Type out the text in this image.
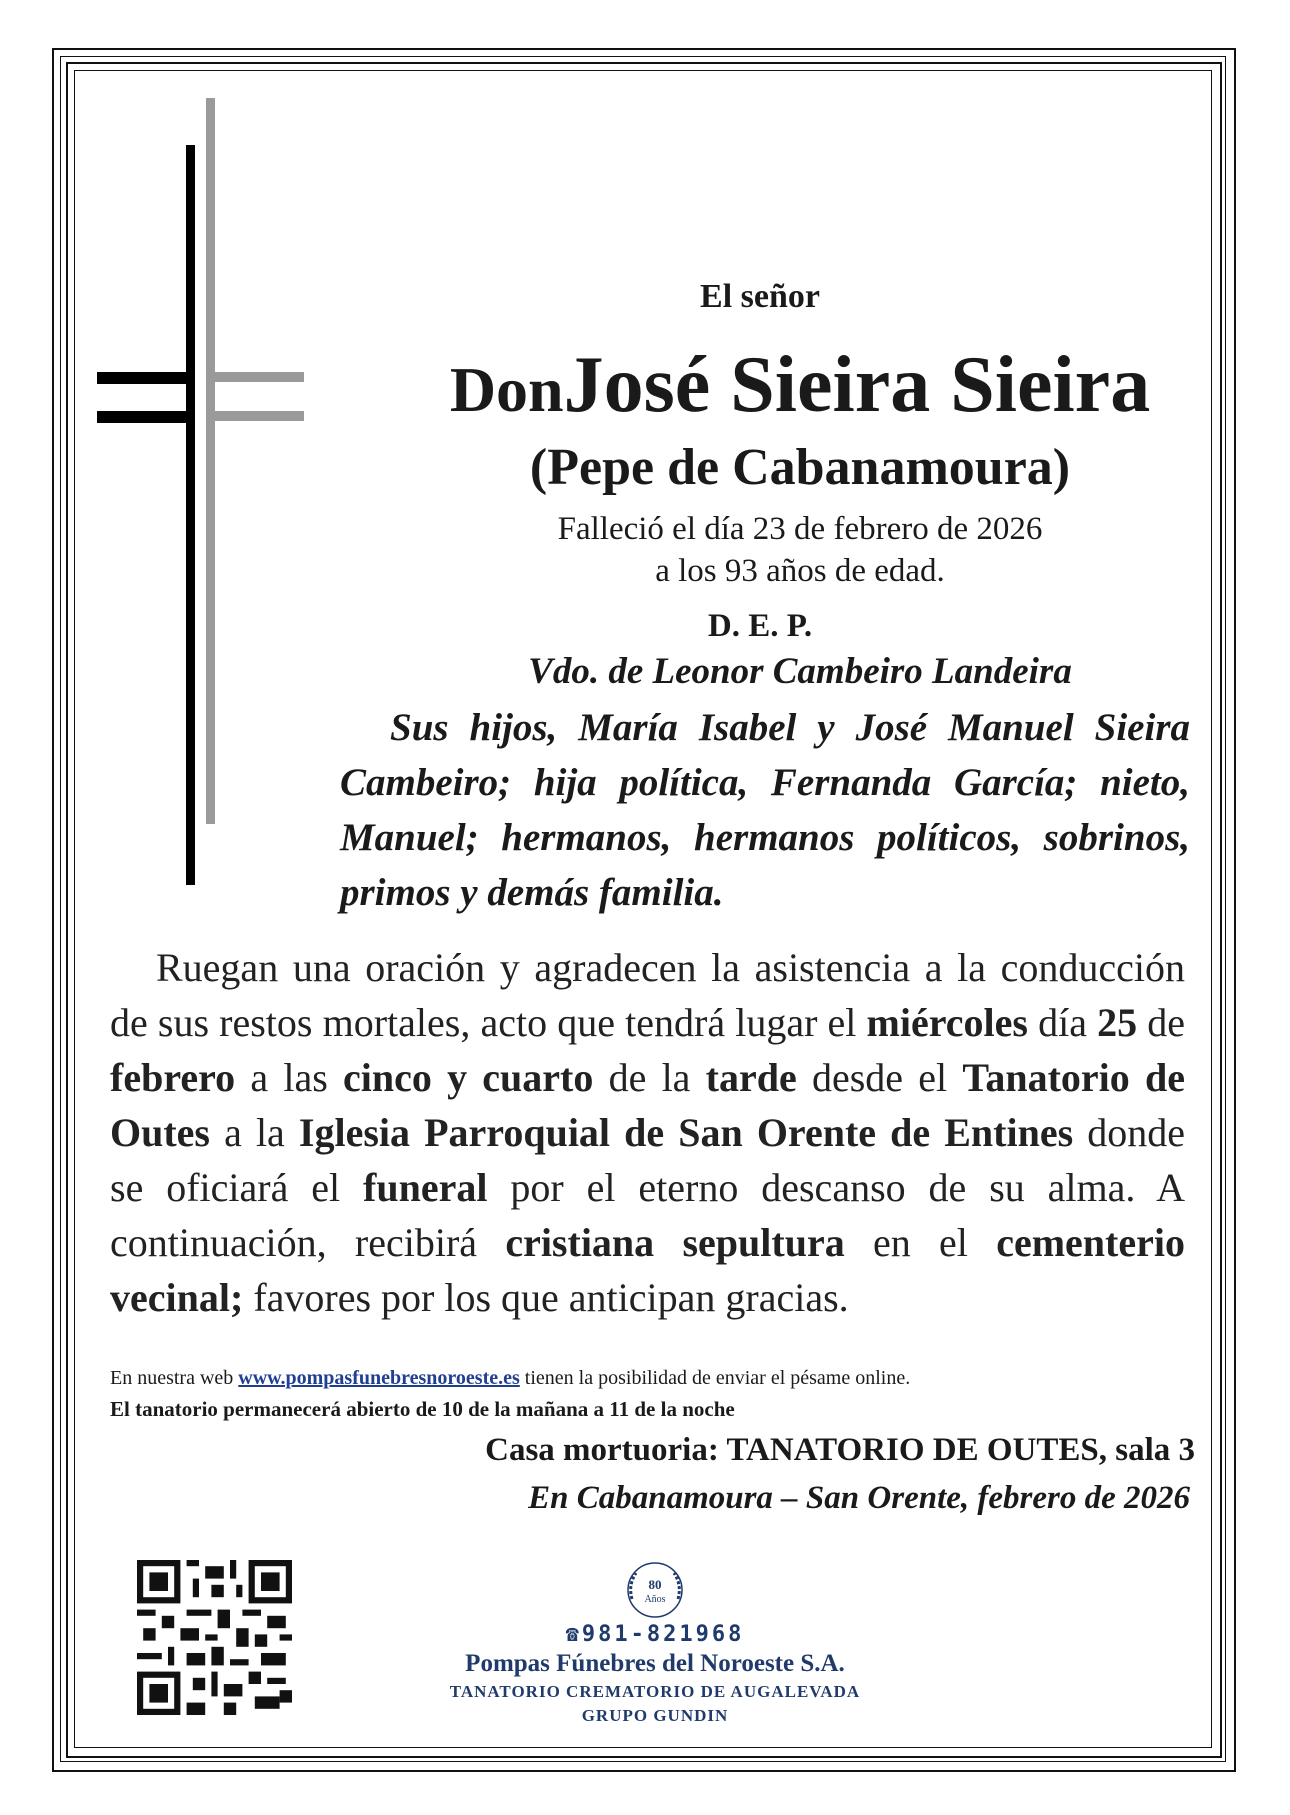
El señor
DonJosé Sieira Sieira
(Pepe de Cabanamoura)
Falleció el día 23 de febrero de 2026
a los 93 años de edad.
D. E. P.
Vdo. de Leonor Cambeiro Landeira

Sus hijos, María Isabel y José Manuel Sieira Cambeiro; hija política, Fernanda García; nieto, Manuel; hermanos, hermanos políticos, sobrinos, primos y demás familia.

Ruegan una oración y agradecen la asistencia a la conducción de sus restos mortales, acto que tendrá lugar el miércoles día 25 de febrero a las cinco y cuarto de la tarde desde el Tanatorio de Outes a la Iglesia Parroquial de San Orente de Entines donde se oficiará el funeral por el eterno descanso de su alma. A continuación, recibirá cristiana sepultura en el cementerio vecinal; favores por los que anticipan gracias.

En nuestra web www.pompasfunebresnoroeste.es tienen la posibilidad de enviar el pésame online.
El tanatorio permanecerá abierto de 10 de la mañana a 11 de la noche
Casa mortuoria: TANATORIO DE OUTES, sala 3
En Cabanamoura – San Orente, febrero de 2026
80
Años
☎981-821968
Pompas Fúnebres del Noroeste S.A.
TANATORIO CREMATORIO DE AUGALEVADA
GRUPO GUNDIN
